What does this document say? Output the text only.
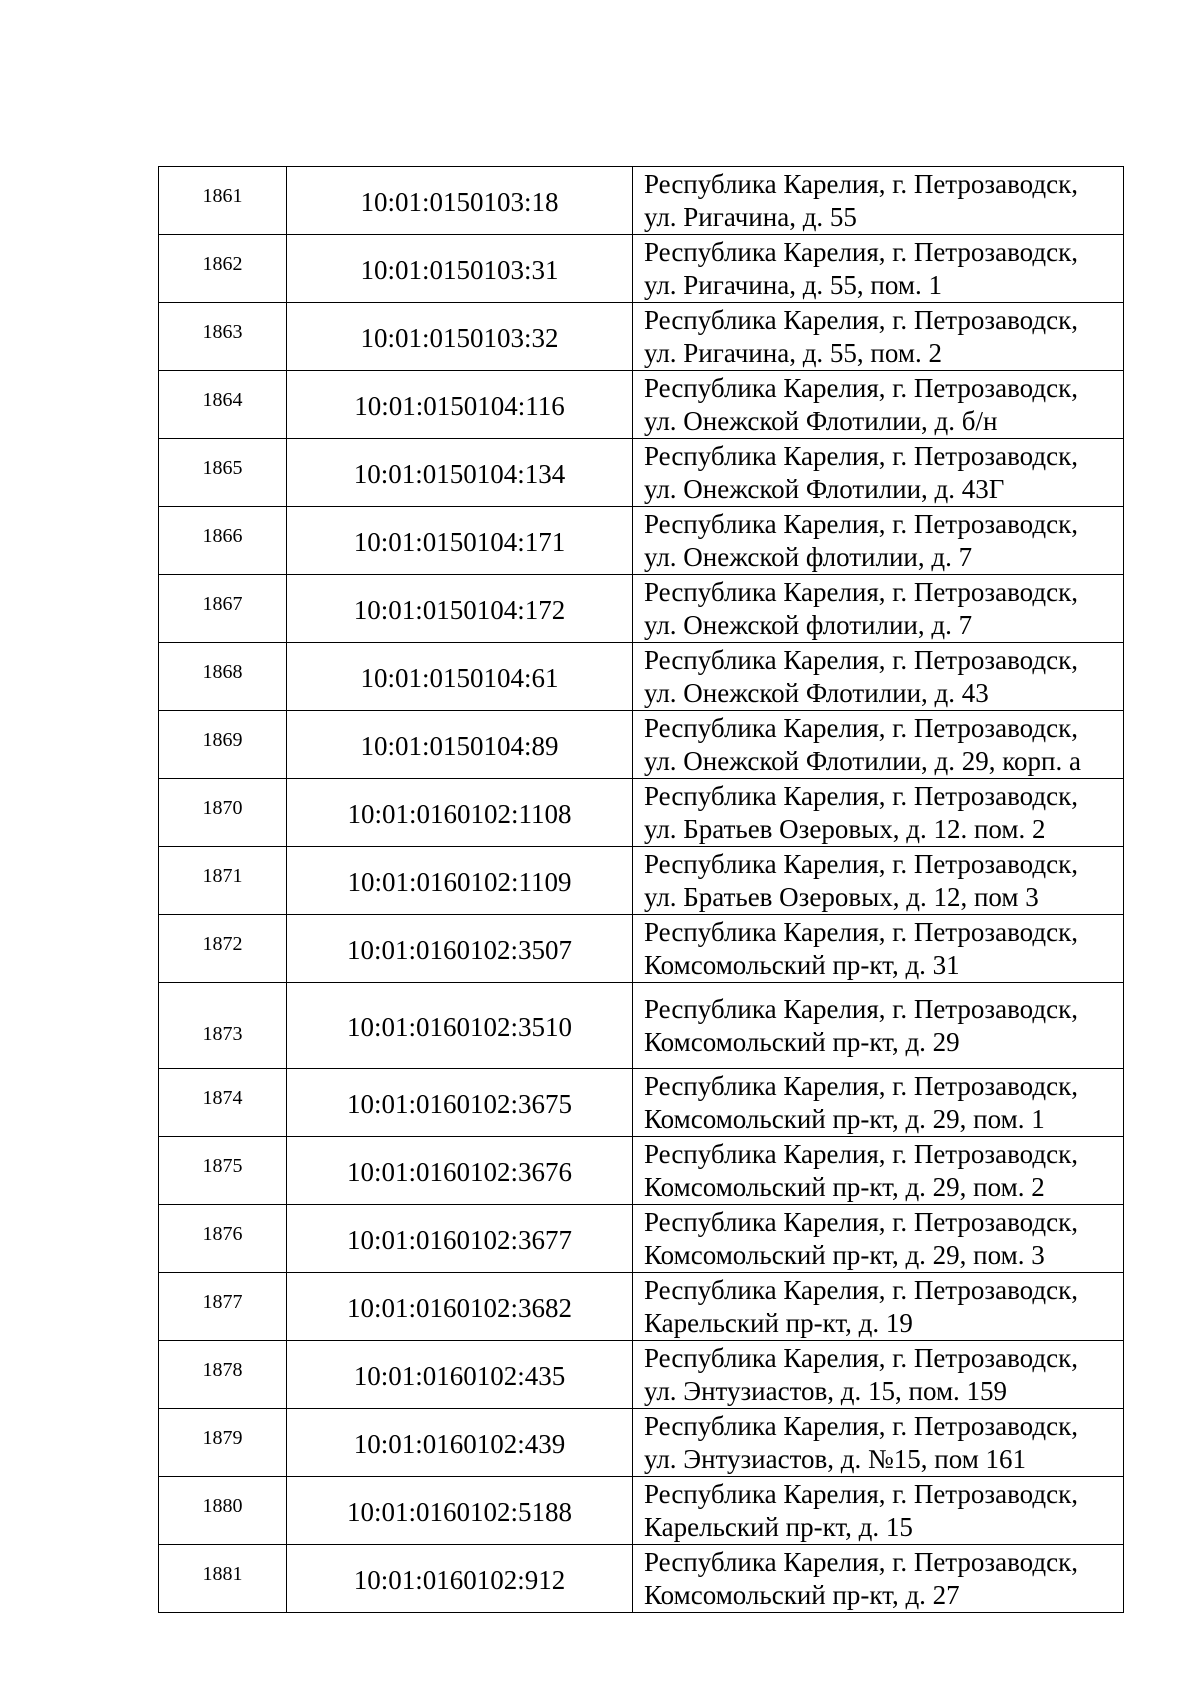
1861	10:01:0150103:18	Республика Карелия, г. Петрозаводск,
ул. Ригачина, д. 55

1862	10:01:0150103:31	Республика Карелия, г. Петрозаводск,
ул. Ригачина, д. 55, пом. 1

1863	10:01:0150103:32	Республика Карелия, г. Петрозаводск,
ул. Ригачина, д. 55, пом. 2

1864	10:01:0150104:116	Республика Карелия, г. Петрозаводск,
ул. Онежской Флотилии, д. б/н

1865	10:01:0150104:134	Республика Карелия, г. Петрозаводск,
ул. Онежской Флотилии, д. 43Г

1866	10:01:0150104:171	Республика Карелия, г. Петрозаводск,
ул. Онежской флотилии, д. 7

1867	10:01:0150104:172	Республика Карелия, г. Петрозаводск,
ул. Онежской флотилии, д. 7

1868	10:01:0150104:61	Республика Карелия, г. Петрозаводск,
ул. Онежской Флотилии, д. 43

1869	10:01:0150104:89	Республика Карелия, г. Петрозаводск,
ул. Онежской Флотилии, д. 29, корп. а

1870	10:01:0160102:1108	Республика Карелия, г. Петрозаводск,
ул. Братьев Озеровых, д. 12. пом. 2

1871	10:01:0160102:1109	Республика Карелия, г. Петрозаводск,
ул. Братьев Озеровых, д. 12, пом 3

1872	10:01:0160102:3507	Республика Карелия, г. Петрозаводск,
Комсомольский пр-кт, д. 31

1873	10:01:0160102:3510	Республика Карелия, г. Петрозаводск,
Комсомольский пр-кт, д. 29

1874	10:01:0160102:3675	Республика Карелия, г. Петрозаводск,
Комсомольский пр-кт, д. 29, пом. 1

1875	10:01:0160102:3676	Республика Карелия, г. Петрозаводск,
Комсомольский пр-кт, д. 29, пом. 2

1876	10:01:0160102:3677	Республика Карелия, г. Петрозаводск,
Комсомольский пр-кт, д. 29, пом. 3

1877	10:01:0160102:3682	Республика Карелия, г. Петрозаводск,
Карельский пр-кт, д. 19

1878	10:01:0160102:435	Республика Карелия, г. Петрозаводск,
ул. Энтузиастов, д. 15, пом. 159

1879	10:01:0160102:439	Республика Карелия, г. Петрозаводск,
ул. Энтузиастов, д. №15, пом 161

1880	10:01:0160102:5188	Республика Карелия, г. Петрозаводск,
Карельский пр-кт, д. 15

1881	10:01:0160102:912	Республика Карелия, г. Петрозаводск,
Комсомольский пр-кт, д. 27
